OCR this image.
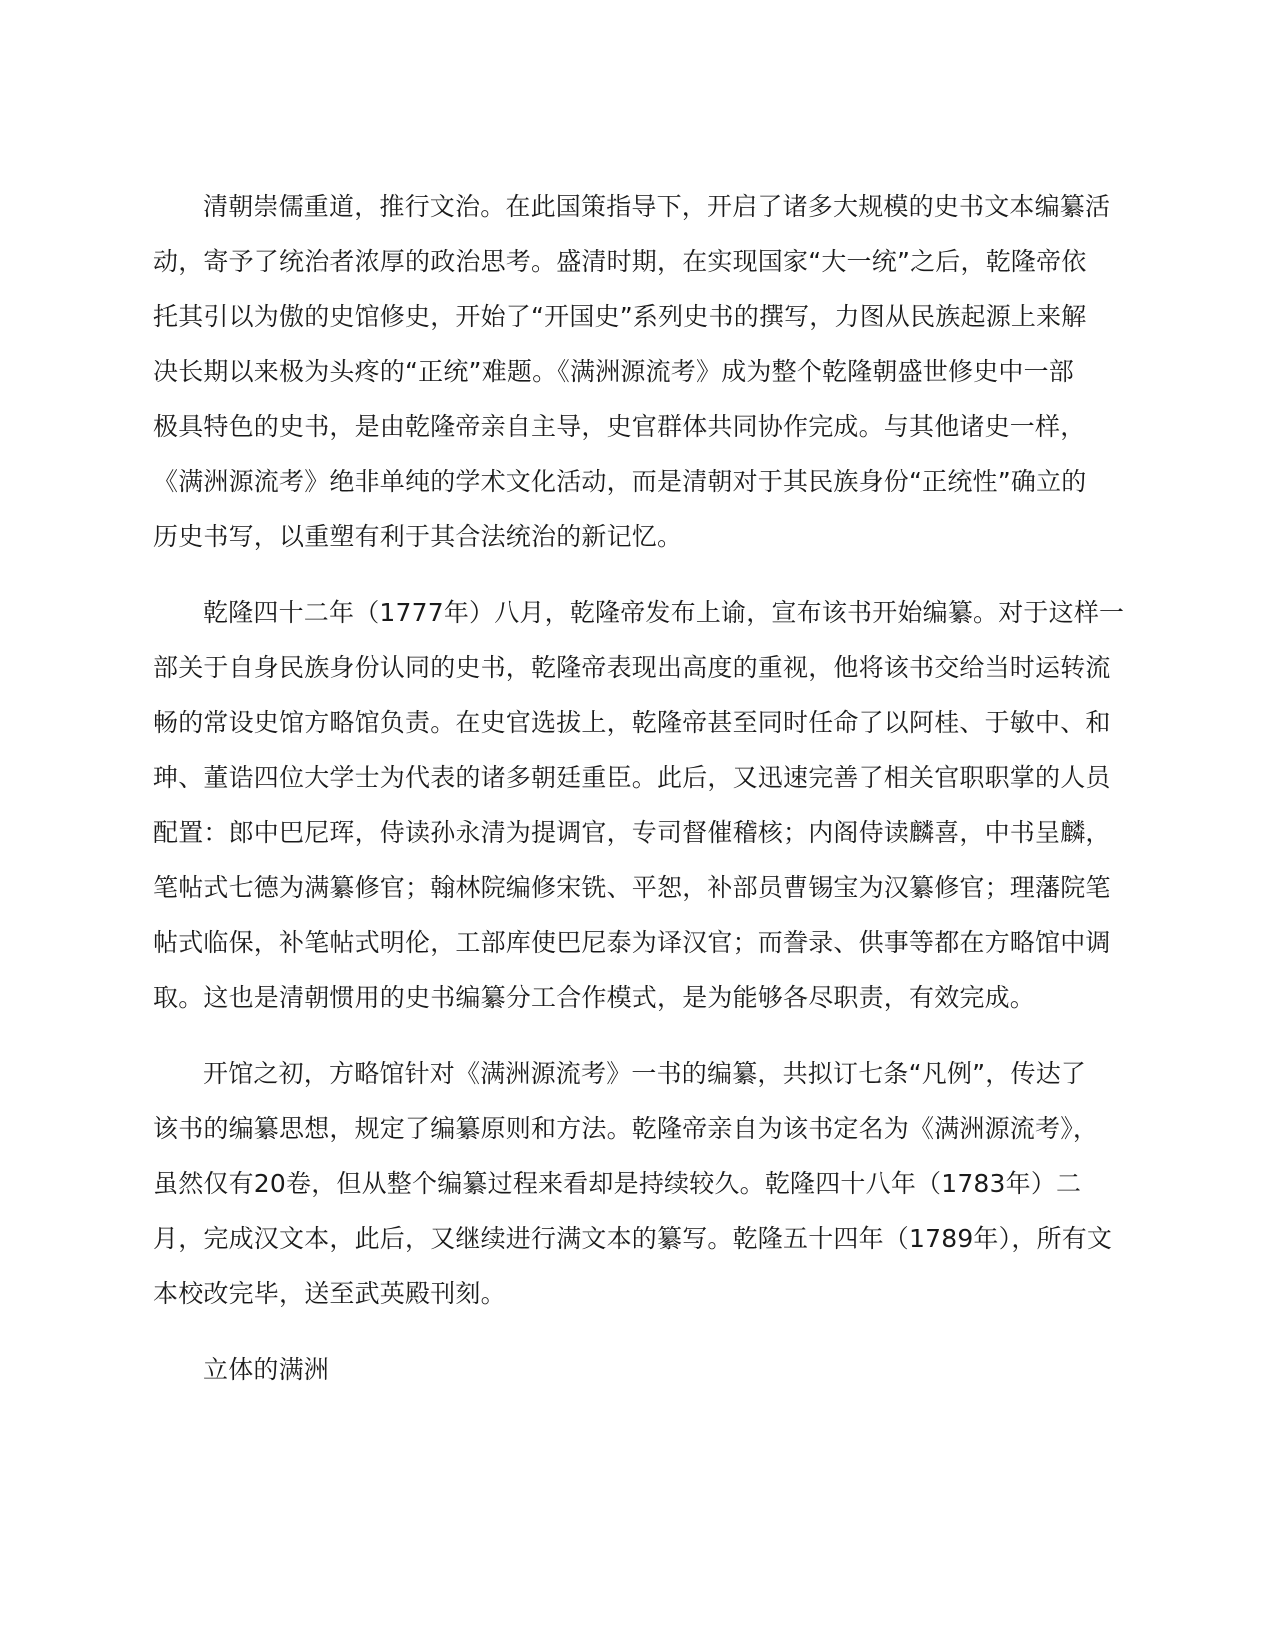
清朝崇儒重道，推行文治。在此国策指导下，开启了诸多大规模的史书文本编纂活
动，寄予了统治者浓厚的政治思考。盛清时期，在实现国家“大一统”之后，乾隆帝依
托其引以为傲的史馆修史，开始了“开国史”系列史书的撰写，力图从民族起源上来解
决长期以来极为头疼的“正统”难题。《满洲源流考》成为整个乾隆朝盛世修史中一部
极具特色的史书，是由乾隆帝亲自主导，史官群体共同协作完成。与其他诸史一样，
《满洲源流考》绝非单纯的学术文化活动，而是清朝对于其民族身份“正统性”确立的
历史书写，以重塑有利于其合法统治的新记忆。
乾隆四十二年（1777年）八月，乾隆帝发布上谕，宣布该书开始编纂。对于这样一
部关于自身民族身份认同的史书，乾隆帝表现出高度的重视，他将该书交给当时运转流
畅的常设史馆方略馆负责。在史官选拔上，乾隆帝甚至同时任命了以阿桂、于敏中、和
珅、董诰四位大学士为代表的诸多朝廷重臣。此后，又迅速完善了相关官职职掌的人员
配置：郎中巴尼珲，侍读孙永清为提调官，专司督催稽核；内阁侍读麟喜，中书呈麟，
笔帖式七德为满纂修官；翰林院编修宋铣、平恕，补部员曹锡宝为汉纂修官；理藩院笔
帖式临保，补笔帖式明伦，工部库使巴尼泰为译汉官；而誊录、供事等都在方略馆中调
取。这也是清朝惯用的史书编纂分工合作模式，是为能够各尽职责，有效完成。
开馆之初，方略馆针对《满洲源流考》一书的编纂，共拟订七条“凡例”，传达了
该书的编纂思想，规定了编纂原则和方法。乾隆帝亲自为该书定名为《满洲源流考》，
虽然仅有20卷，但从整个编纂过程来看却是持续较久。乾隆四十八年（1783年）二
月，完成汉文本，此后，又继续进行满文本的纂写。乾隆五十四年（1789年），所有文
本校改完毕，送至武英殿刊刻。
立体的满洲
